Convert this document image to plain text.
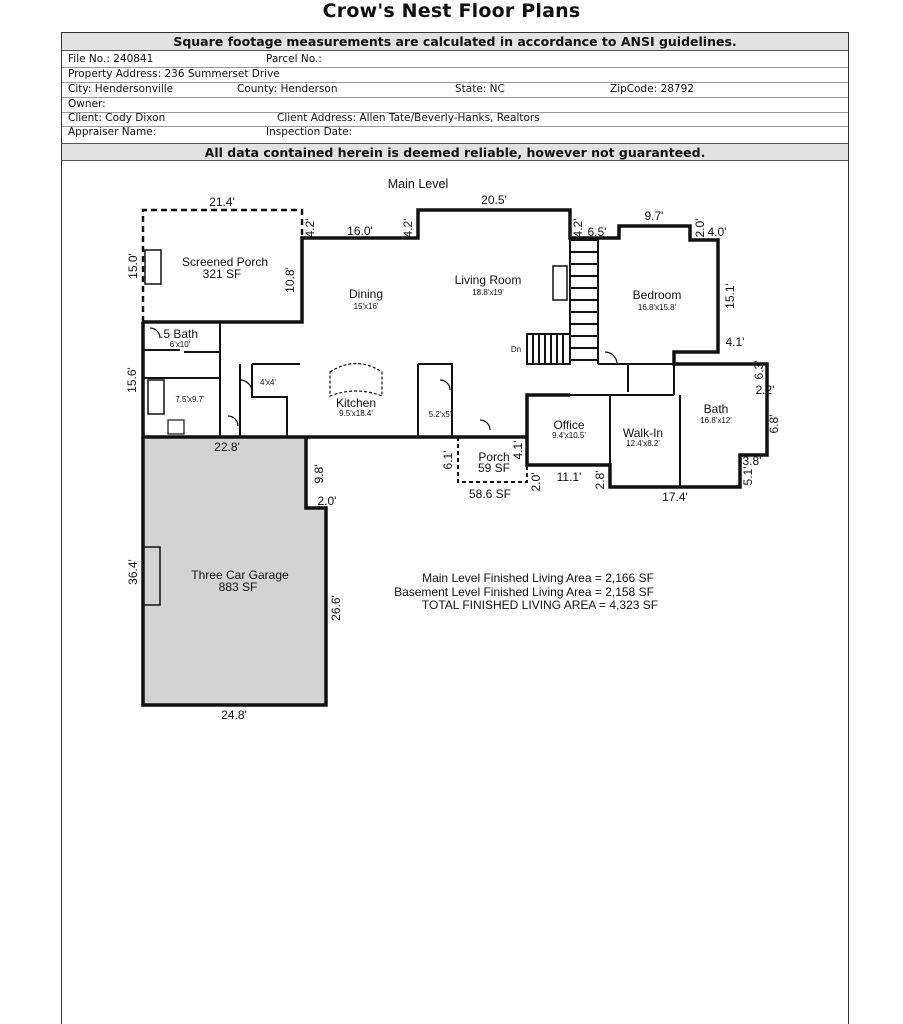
Crow's Nest Floor Plans
Square footage measurements are calculated in accordance to ANSI guidelines.
File No.: 240841	Parcel No.:
Property Address: 236 Summerset Drive
City: Hendersonville	County: Henderson	State: NC	ZipCode: 28792
Owner:
Client: Cody Dixon	Client Address: Allen Tate/Beverly-Hanks, Realtors
Appraiser Name:	Inspection Date:
All data contained herein is deemed reliable, however not guaranteed.
Main Level
21.4'
16.0'
20.5'
6.5'
9.7'
4.0'
4.1'
2.2'
3.8'
17.4'
11.1'
58.6 SF
22.8'
2.0'
24.8'
15.0'
10.8'
4.2'	4.2'	4.2'	2.0'
15.1'
6.3'
6.8'
5.1'
2.8'
2.0'
4.1'
6.1'
15.6'
9.8'
36.4'
26.6'
Screened Porch
321 SF
Dining
15'x16'
Living Room
18.8'x19'	Bedroom
16.8'x15.8'
.5 Bath
6'x10'
7.5'x9.7'
4'x4'
Kitchen
9.5'x18.4'	5.2'x5'
Dn
Office
9.4'x10.5'	Walk-In
12.4'x8.2'
Bath
16.8'x12'
Porch
59 SF
Three Car Garage
883 SF
Main Level Finished Living Area = 2,166 SF
Basement Level Finished Living Area = 2,158 SF
TOTAL FINISHED LIVING AREA = 4,323 SF
